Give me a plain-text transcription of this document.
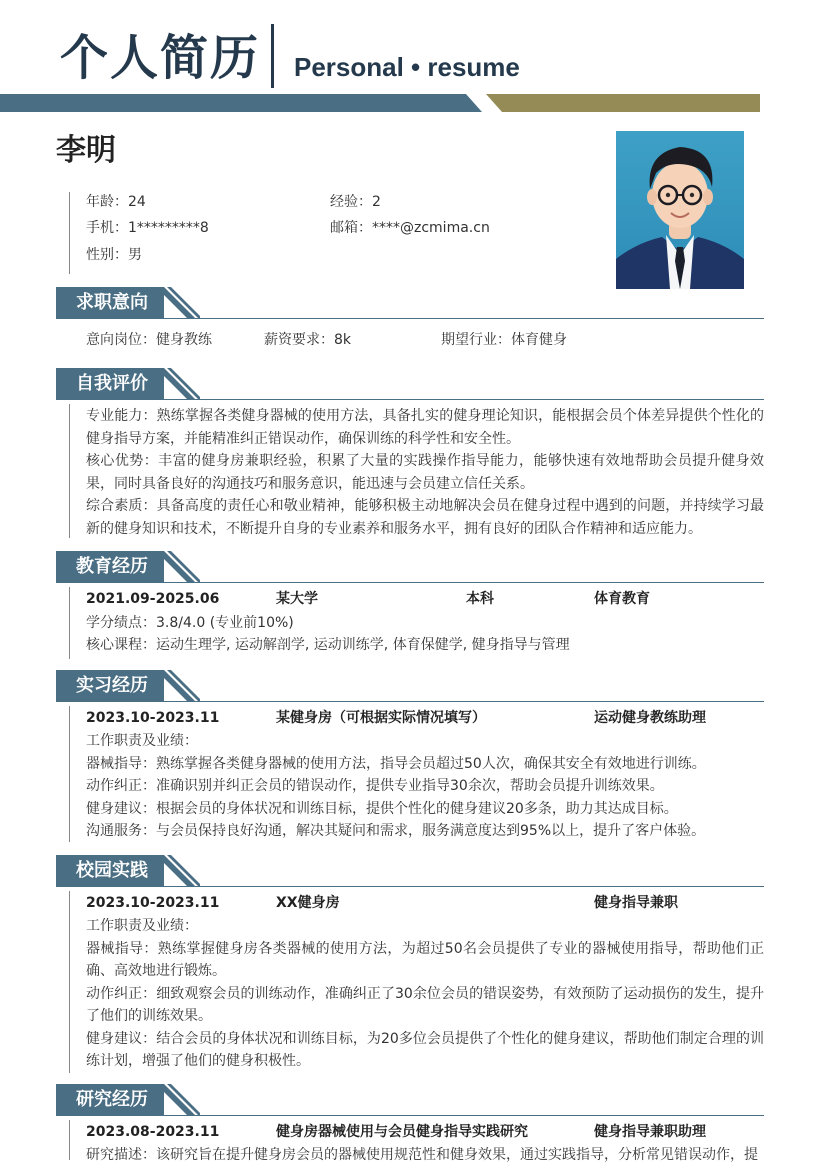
个人简历 Personal • resume
李明
年龄：24	经验：2
手机：1*********8	邮箱：****@zcmima.cn
性别：男
求职意向
意向岗位：健身教练	薪资要求：8k	期望行业：体育健身
自我评价
专业能力：熟练掌握各类健身器械的使用方法，具备扎实的健身理论知识，能根据会员个体差异提供个性化的健身指导方案，并能精准纠正错误动作，确保训练的科学性和安全性。
核心优势：丰富的健身房兼职经验，积累了大量的实践操作指导能力，能够快速有效地帮助会员提升健身效果，同时具备良好的沟通技巧和服务意识，能迅速与会员建立信任关系。
综合素质：具备高度的责任心和敬业精神，能够积极主动地解决会员在健身过程中遇到的问题，并持续学习最新的健身知识和技术，不断提升自身的专业素养和服务水平，拥有良好的团队合作精神和适应能力。
教育经历
2021.09-2025.06	某大学	本科	体育教育
学分绩点：3.8/4.0 (专业前10%)
核心课程：运动生理学, 运动解剖学, 运动训练学, 体育保健学, 健身指导与管理
实习经历
2023.10-2023.11	某健身房（可根据实际情况填写）	运动健身教练助理
工作职责及业绩：
器械指导：熟练掌握各类健身器械的使用方法，指导会员超过50人次，确保其安全有效地进行训练。
动作纠正：准确识别并纠正会员的错误动作，提供专业指导30余次，帮助会员提升训练效果。
健身建议：根据会员的身体状况和训练目标，提供个性化的健身建议20多条，助力其达成目标。
沟通服务：与会员保持良好沟通，解决其疑问和需求，服务满意度达到95%以上，提升了客户体验。
校园实践
2023.10-2023.11	XX健身房	健身指导兼职
工作职责及业绩：
器械指导：熟练掌握健身房各类器械的使用方法，为超过50名会员提供了专业的器械使用指导，帮助他们正确、高效地进行锻炼。
动作纠正：细致观察会员的训练动作，准确纠正了30余位会员的错误姿势，有效预防了运动损伤的发生，提升了他们的训练效果。
健身建议：结合会员的身体状况和训练目标，为20多位会员提供了个性化的健身建议，帮助他们制定合理的训练计划，增强了他们的健身积极性。
研究经历
2023.08-2023.11	健身房器械使用与会员健身指导实践研究	健身指导兼职助理
研究描述：该研究旨在提升健身房会员的器械使用规范性和健身效果，通过实践指导，分析常见错误动作，提
